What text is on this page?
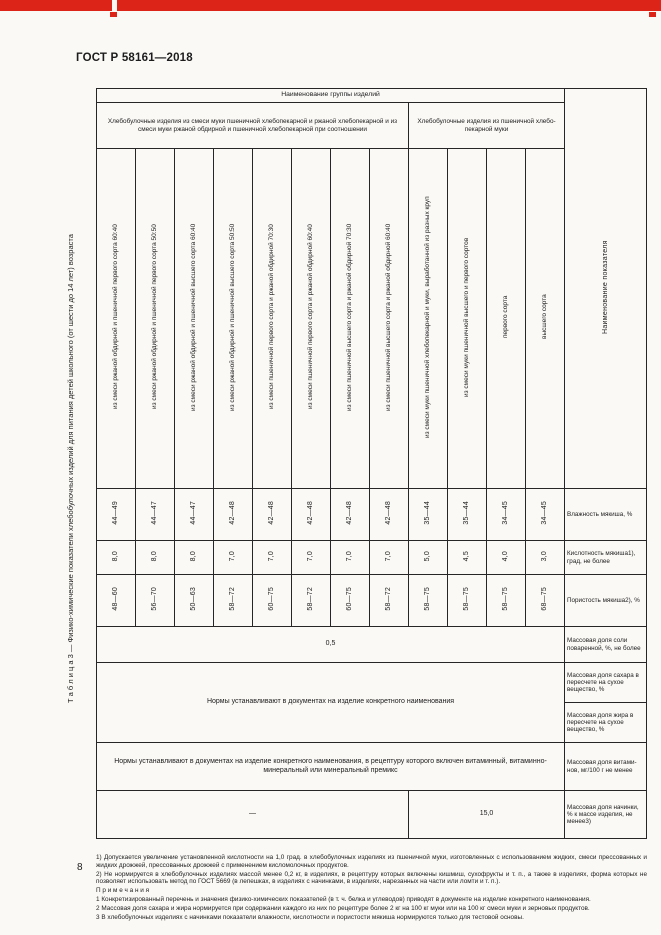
ГОСТ Р 58161—2018
Т а б л и ц а 3 — Физико-химические показатели хлебобулочных изделий для питания детей школьного (от шести до 14 лет) возраста
8
Наименование группы изделий												Наименование показателя
Хлебобулочные изделия из смеси муки пшеничной хлебопекарной и ржаной хлебопекарной и из смеси муки ржаной обдирной и пшеничной хлебопекарной при соотношении								Хлебобулочные изделия из пшеничной хлебопекарной муки				
из смеси ржаной обдирной и пшеничной первого сорта 60:40	из смеси ржаной обдирной и пшеничной первого сорта 50:50	из смеси ржаной обдирной и пшеничной высшего сорта 60:40	из смеси ржаной обдирной и пшеничной высшего сорта 50:50	из смеси пшеничной первого сорта и ржаной обдирной 70:30	из смеси пшеничной первого сорта и ржаной обдирной 60:40	из смеси пшеничной высшего сорта и ржаной обдирной 70:30	из смеси пшеничной высшего сорта и ржаной обдирной 60:40	из смеси муки пшеничной хлебопекарной и муки, выработанной из разных круп	из смеси муки пшеничной высшего и первого сортов	первого сорта	высшего сорта	
44—49	44—47	44—47	42—48	42—48	42—48	42—48	42—48	35—44	35—44	34—45	34—45	Влажность мякиша, %
8,0	8,0	8,0	7,0	7,0	7,0	7,0	7,0	5,0	4,5	4,0	3,0	Кислотность мякиша1), град, не более
48—60	56—70	50—63	58—72	60—75	58—72	60—75	58—72	58—75	58—75	58—75	68—75	Пористость мякиша2), %
0,5												Массовая доля соли поваренной, %, не более
Нормы устанавливают в документах на изделие конкретного наименования												Массовая доля сахара в пересчете на сухое вещество, %
												Массовая доля жира в пересчете на сухое вещество, %
Нормы устанавливают в документах на изделие конкретного наименования, в рецептуру которого включен витаминный, витаминно-минеральный или минеральный премикс												Массовая доля витаминов, мг/100 г не менее
—								15,0				Массовая доля начинки, % к массе изделия, не менее3)
1) Допускается увеличение установленной кислотности на 1,0 град. в хлебобулочных изделиях из пшеничной муки, изготовленных с использованием жидких, смеси прессованных и жидких дрожжей, прессованных дрожжей с применением кисломолочных продуктов.
2) Не нормируется в хлебобулочных изделиях массой менее 0,2 кг, в изделиях, в рецептуру которых включены кишмиш, сухофрукты и т. п., а также в изделиях, форма которых не позволяет использовать метод по ГОСТ 5669 (в лепешках, в изделиях с начинками, в изделиях, нарезанных на части или ломти и т. п.).
П р и м е ч а н и я
1 Конкретизированный перечень и значения физико-химических показателей (в т. ч. белка и углеводов) приводят в документе на изделие конкретного наименования.
2 Массовая доля сахара и жира нормируется при содержании каждого из них по рецептуре более 2 кг на 100 кг муки или на 100 кг смеси муки и зерновых продуктов.
3 В хлебобулочных изделиях с начинками показатели влажности, кислотности и пористости мякиша нормируются только для тестовой основы.
